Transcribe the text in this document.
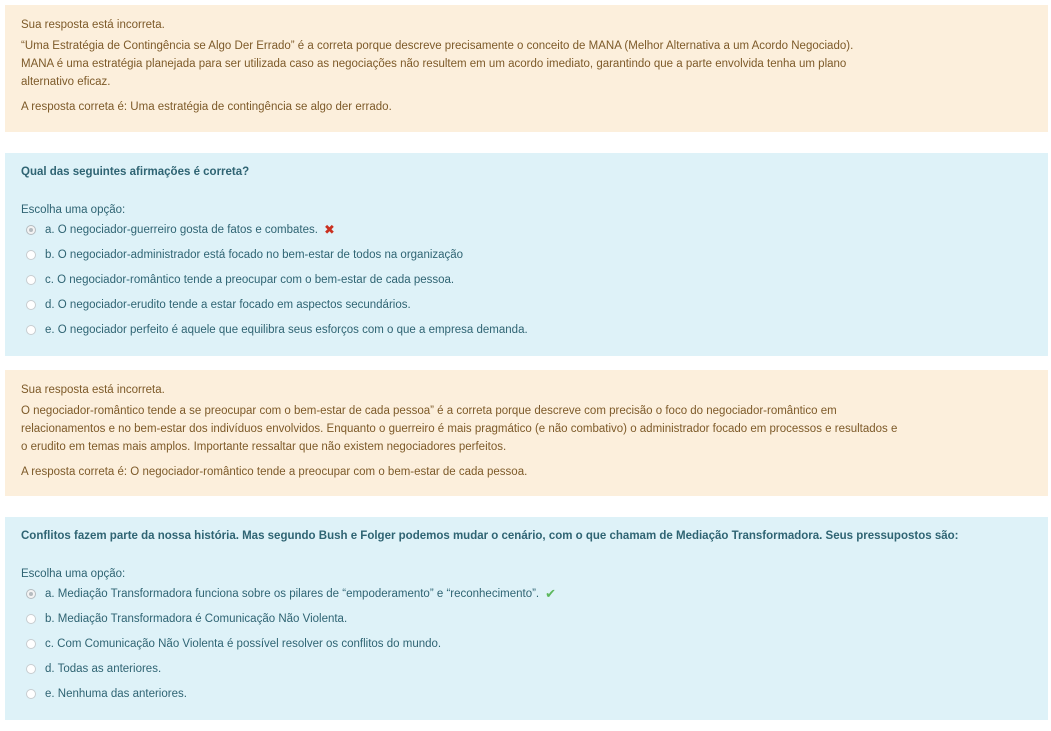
Sua resposta está incorreta.

“Uma Estratégia de Contingência se Algo Der Errado” é a correta porque descreve precisamente o conceito de MANA (Melhor Alternativa a um Acordo Negociado).

MANA é uma estratégia planejada para ser utilizada caso as negociações não resultem em um acordo imediato, garantindo que a parte envolvida tenha um plano

alternativo eficaz.

A resposta correta é: Uma estratégia de contingência se algo der errado.

Qual das seguintes afirmações é correta?
Escolha uma opção:
a. O negociador-guerreiro gosta de fatos e combates. ✖
b. O negociador-administrador está focado no bem-estar de todos na organização
c. O negociador-romântico tende a preocupar com o bem-estar de cada pessoa.
d. O negociador-erudito tende a estar focado em aspectos secundários.
e. O negociador perfeito é aquele que equilibra seus esforços com o que a empresa demanda.

Sua resposta está incorreta.

O negociador-romântico tende a se preocupar com o bem-estar de cada pessoa” é a correta porque descreve com precisão o foco do negociador-romântico em

relacionamentos e no bem-estar dos indivíduos envolvidos. Enquanto o guerreiro é mais pragmático (e não combativo) o administrador focado em processos e resultados e

o erudito em temas mais amplos. Importante ressaltar que não existem negociadores perfeitos.

A resposta correta é: O negociador-romântico tende a preocupar com o bem-estar de cada pessoa.

Conflitos fazem parte da nossa história. Mas segundo Bush e Folger podemos mudar o cenário, com o que chamam de Mediação Transformadora. Seus pressupostos são:
Escolha uma opção:
a. Mediação Transformadora funciona sobre os pilares de “empoderamento” e “reconhecimento”. ✔
b. Mediação Transformadora é Comunicação Não Violenta.
c. Com Comunicação Não Violenta é possível resolver os conflitos do mundo.
d. Todas as anteriores.
e. Nenhuma das anteriores.
